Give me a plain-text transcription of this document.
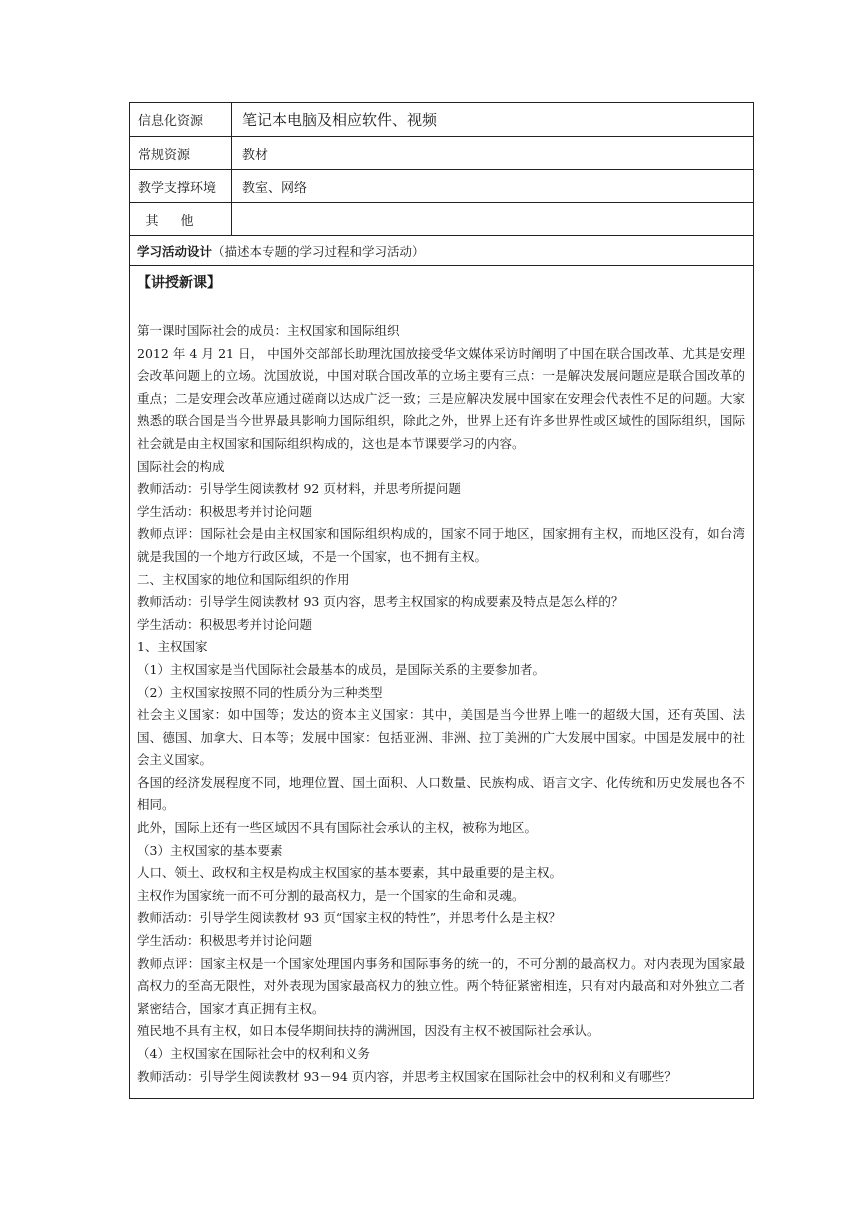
信息化资源	笔记本电脑及相应软件、视频
常规资源	教材
教学支撑环境	教室、网络
其他
学习活动设计 （描述本专题的学习过程和学习活动）
【讲授新课】

第一课时国际社会的成员：主权国家和国际组织

2012 年 4 月 21 日， 中国外交部部长助理沈国放接受华文媒体采访时阐明了中国在联合国改革、尤其是安理会改革问题上的立场。沈国放说，中国对联合国改革的立场主要有三点：一是解决发展问题应是联合国改革的重点；二是安理会改革应通过磋商以达成广泛一致；三是应解决发展中国家在安理会代表性不足的问题。大家熟悉的联合国是当今世界最具影响力国际组织，除此之外，世界上还有许多世界性或区域性的国际组织，国际社会就是由主权国家和国际组织构成的，这也是本节课要学习的内容。

国际社会的构成

教师活动：引导学生阅读教材 92 页材料，并思考所提问题

学生活动：积极思考并讨论问题

教师点评：国际社会是由主权国家和国际组织构成的，国家不同于地区，国家拥有主权，而地区没有，如台湾就是我国的一个地方行政区域，不是一个国家，也不拥有主权。

二、主权国家的地位和国际组织的作用

教师活动：引导学生阅读教材 93 页内容，思考主权国家的构成要素及特点是怎么样的？

学生活动：积极思考并讨论问题

1、主权国家

（1）主权国家是当代国际社会最基本的成员，是国际关系的主要参加者。

（2）主权国家按照不同的性质分为三种类型

社会主义国家：如中国等；发达的资本主义国家：其中，美国是当今世界上唯一的超级大国，还有英国、法国、德国、加拿大、日本等；发展中国家：包括亚洲、非洲、拉丁美洲的广大发展中国家。中国是发展中的社会主义国家。

各国的经济发展程度不同，地理位置、国土面积、人口数量、民族构成、语言文字、化传统和历史发展也各不相同。

此外，国际上还有一些区域因不具有国际社会承认的主权，被称为地区。

（3）主权国家的基本要素

人口、领土、政权和主权是构成主权国家的基本要素，其中最重要的是主权。

主权作为国家统一而不可分割的最高权力，是一个国家的生命和灵魂。

教师活动：引导学生阅读教材 93 页“国家主权的特性”，并思考什么是主权？

学生活动：积极思考并讨论问题

教师点评：国家主权是一个国家处理国内事务和国际事务的统一的，不可分割的最高权力。对内表现为国家最高权力的至高无限性，对外表现为国家最高权力的独立性。两个特征紧密相连，只有对内最高和对外独立二者紧密结合，国家才真正拥有主权。

殖民地不具有主权，如日本侵华期间扶持的满洲国，因没有主权不被国际社会承认。

（4）主权国家在国际社会中的权利和义务

教师活动：引导学生阅读教材 93－94 页内容，并思考主权国家在国际社会中的权利和义有哪些？
